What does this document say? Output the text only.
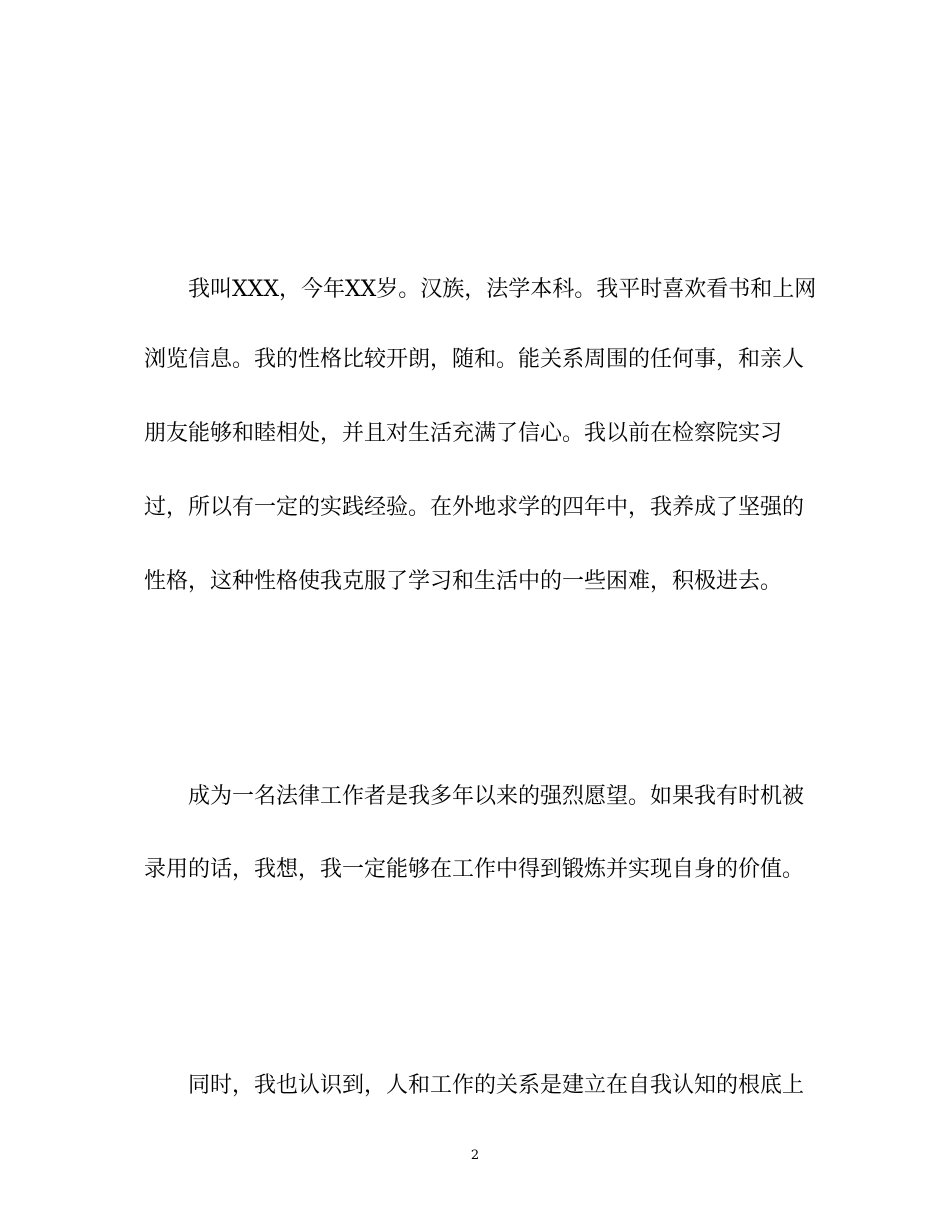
我叫XXX，今年XX岁。汉族，法学本科。我平时喜欢看书和上网
浏览信息。我的性格比较开朗，随和。能关系周围的任何事，和亲人
朋友能够和睦相处，并且对生活充满了信心。我以前在检察院实习
过，所以有一定的实践经验。在外地求学的四年中，我养成了坚强的
性格，这种性格使我克服了学习和生活中的一些困难，积极进去。
成为一名法律工作者是我多年以来的强烈愿望。如果我有时机被
录用的话，我想，我一定能够在工作中得到锻炼并实现自身的价值。
同时，我也认识到，人和工作的关系是建立在自我认知的根底上
2
